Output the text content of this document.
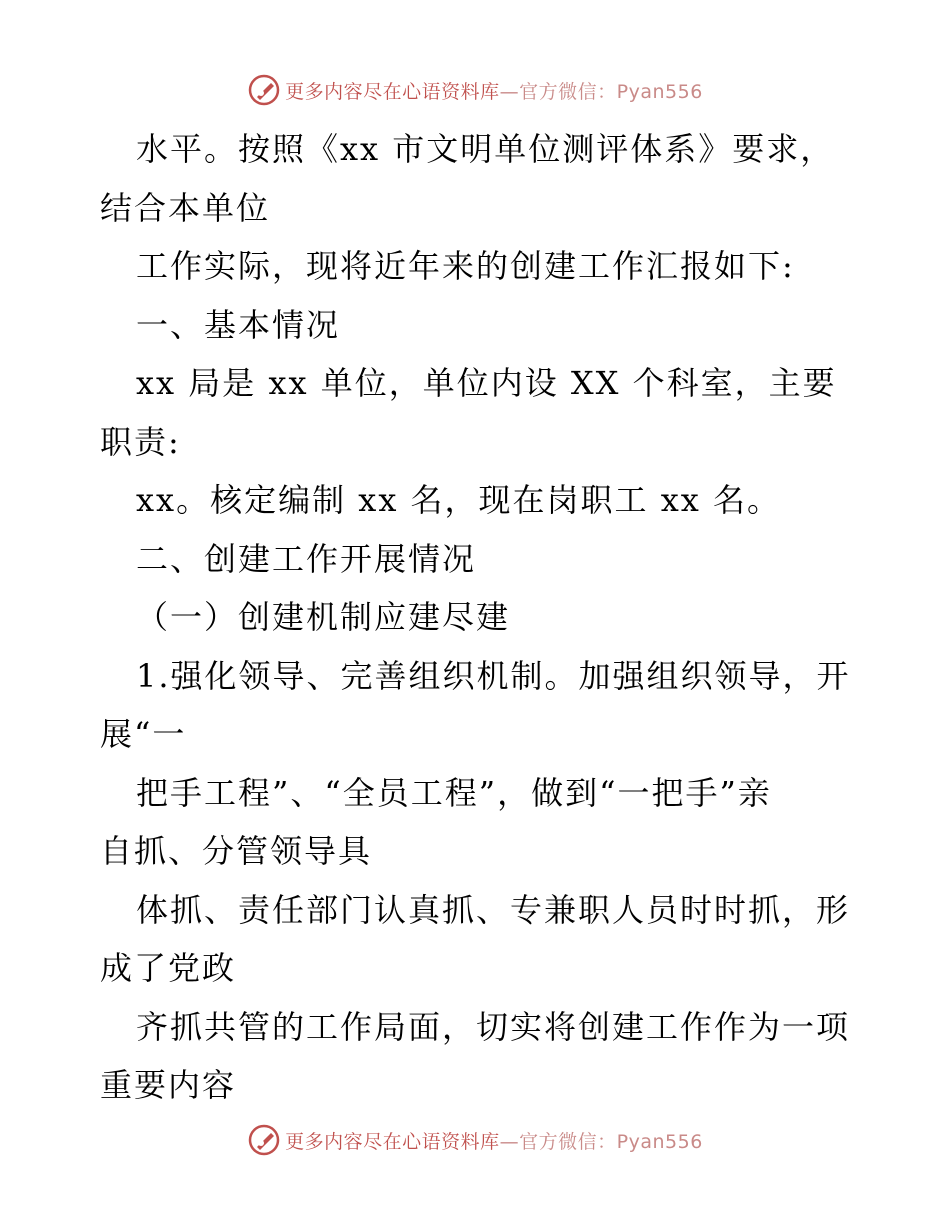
更多内容尽在心语资料库 —官方微信：Pyan556
水平。按照《xx 市文明单位测评体系》要求，
结合本单位
工作实际，现将近年来的创建工作汇报如下:
一、基本情况
xx 局是 xx 单位，单位内设 XX 个科室，主要
职责:
xx。核定编制 xx 名，现在岗职工 xx 名。
二、创建工作开展情况
（一）创建机制应建尽建
1.强化领导、完善组织机制。加强组织领导，开
展“一
把手工程”、“全员工程”，做到“一把手”亲
自抓、分管领导具
体抓、责任部门认真抓、专兼职人员时时抓，形
成了党政
齐抓共管的工作局面，切实将创建工作作为一项
重要内容
更多内容尽在心语资料库 —官方微信：Pyan556
